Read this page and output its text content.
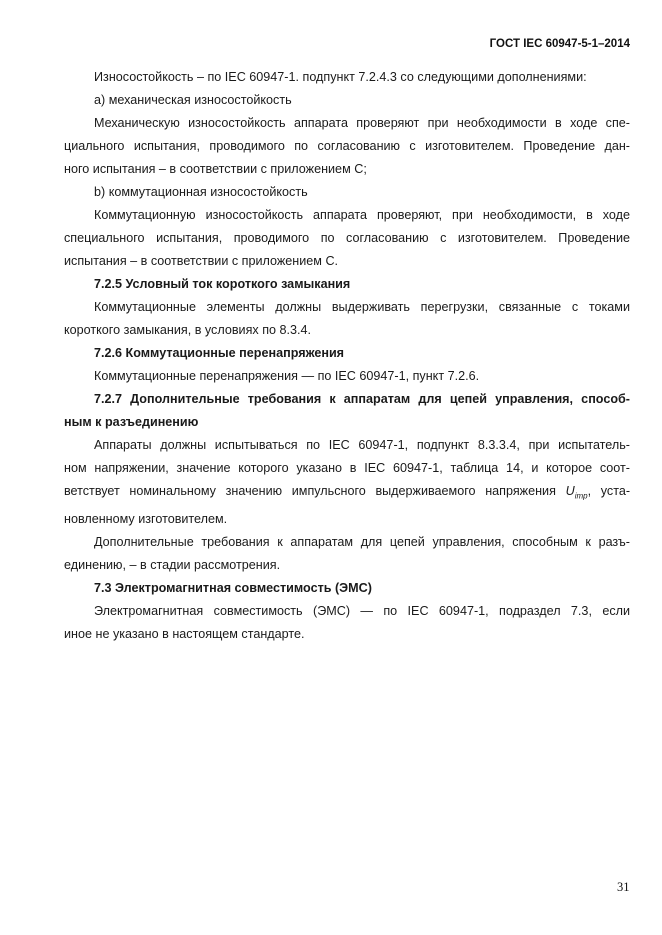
ГОСТ IEC 60947-5-1–2014

Износостойкость – по IEC 60947-1. подпункт 7.2.4.3 со следующими дополнениями:

а) механическая износостойкость

Механическую износостойкость аппарата проверяют при необходимости в ходе спе-
циального испытания, проводимого по согласованию с изготовителем. Проведение дан-
ного испытания – в соответствии с приложением С;

b) коммутационная износостойкость

Коммутационную износостойкость аппарата проверяют, при необходимости, в ходе
специального испытания, проводимого по согласованию с изготовителем. Проведение
испытания – в соответствии с приложением С.

7.2.5 Условный ток короткого замыкания

Коммутационные элементы должны выдерживать перегрузки, связанные с токами
короткого замыкания, в условиях по 8.3.4.

7.2.6 Коммутационные перенапряжения

Коммутационные перенапряжения — по IEC 60947-1, пункт 7.2.6.

7.2.7 Дополнительные требования к аппаратам для цепей управления, способ-
ным к разъединению

Аппараты должны испытываться по IEC 60947-1, подпункт 8.3.3.4, при испытатель-
ном напряжении, значение которого указано в IEC 60947-1, таблица 14, и которое соот-
ветствует номинальному значению импульсного выдерживаемого напряжения $U_{imp}$, уста-
новленному изготовителем.

Дополнительные требования к аппаратам для цепей управления, способным к разъ-
единению, – в стадии рассмотрения.

7.3 Электромагнитная совместимость (ЭМС)

Электромагнитная совместимость (ЭМС) — по IEC 60947-1, подраздел 7.3, если
иное не указано в настоящем стандарте.

31
